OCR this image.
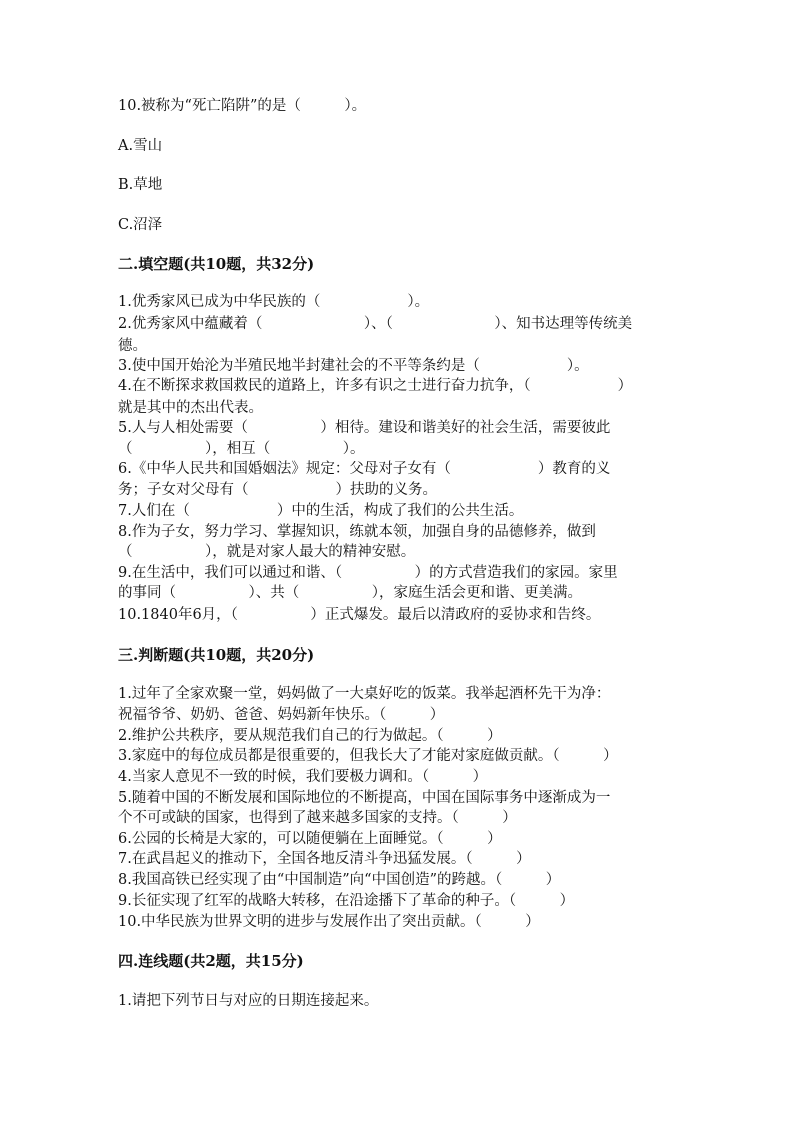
10.被称为“死亡陷阱”的是（　　　）。
A.雪山
B.草地
C.沼泽
二.填空题(共10题，共32分)
1.优秀家风已成为中华民族的（　　　　　　）。
2.优秀家风中蕴藏着（　　　　　　　）、（　　　　　　　）、知书达理等传统美
德。
3.使中国开始沦为半殖民地半封建社会的不平等条约是（　　　　　　）。
4.在不断探求救国救民的道路上，许多有识之士进行奋力抗争，（　　　　　　）
就是其中的杰出代表。
5.人与人相处需要（　　　　　）相待。建设和谐美好的社会生活，需要彼此
（　　　　　），相互（　　　　　）。
6.《中华人民共和国婚姻法》规定：父母对子女有（　　　　　　）教育的义
务；子女对父母有（　　　　　　）扶助的义务。
7.人们在（　　　　　　）中的生活，构成了我们的公共生活。
8.作为子女，努力学习、掌握知识，练就本领，加强自身的品德修养，做到
（　　　　　），就是对家人最大的精神安慰。
9.在生活中，我们可以通过和谐、（　　　　　）的方式营造我们的家园。家里
的事同（　　　　　）、共（　　　　　），家庭生活会更和谐、更美满。
10.1840年6月，（　　　　　）正式爆发。最后以清政府的妥协求和告终。
三.判断题(共10题，共20分)
1.过年了全家欢聚一堂，妈妈做了一大桌好吃的饭菜。我举起酒杯先干为净：
祝福爷爷、奶奶、爸爸、妈妈新年快乐。（　　　）
2.维护公共秩序，要从规范我们自己的行为做起。（　　　）
3.家庭中的每位成员都是很重要的，但我长大了才能对家庭做贡献。（　　　）
4.当家人意见不一致的时候，我们要极力调和。（　　　）
5.随着中国的不断发展和国际地位的不断提高，中国在国际事务中逐渐成为一
个不可或缺的国家，也得到了越来越多国家的支持。（　　　）
6.公园的长椅是大家的，可以随便躺在上面睡觉。（　　　）
7.在武昌起义的推动下，全国各地反清斗争迅猛发展。（　　　）
8.我国高铁已经实现了由“中国制造”向“中国创造”的跨越。（　　　）
9.长征实现了红军的战略大转移，在沿途播下了革命的种子。（　　　）
10.中华民族为世界文明的进步与发展作出了突出贡献。（　　　）
四.连线题(共2题，共15分)
1.请把下列节日与对应的日期连接起来。
